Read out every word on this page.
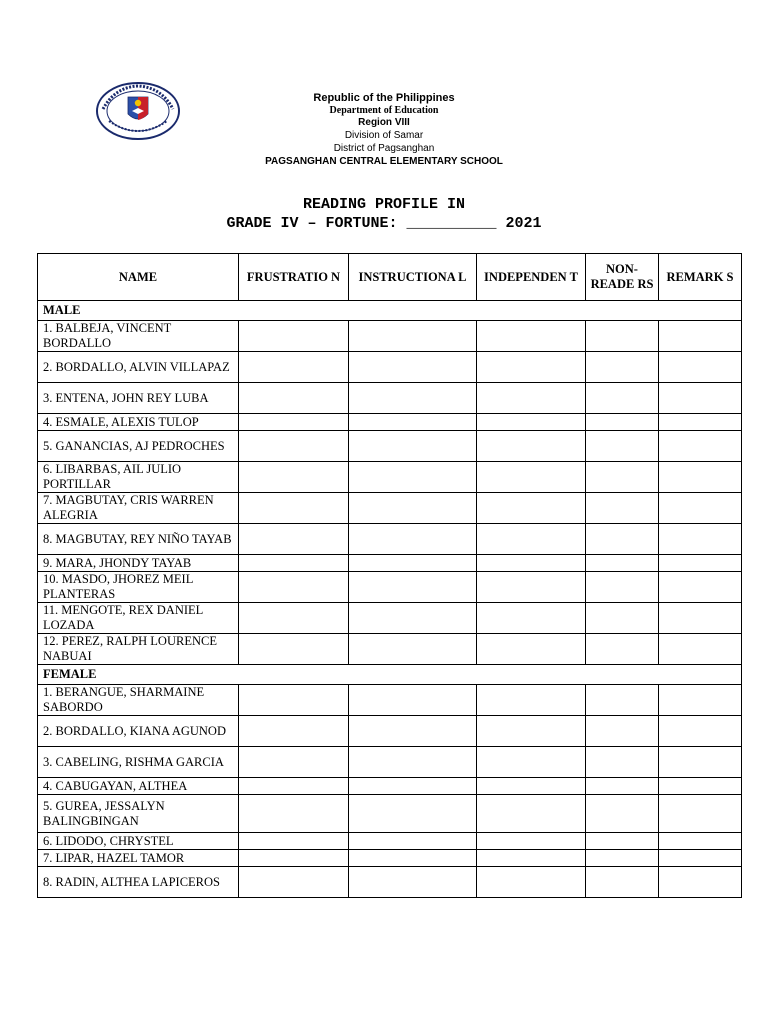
Republic of the Philippines
Department of Education
Region VIII
Division of Samar
District of Pagsanghan
PAGSANGHAN CENTRAL ELEMENTARY SCHOOL
READING PROFILE IN
GRADE IV – FORTUNE: __________ 2021
NAME	FRUSTRATIO N	INSTRUCTIONA L	INDEPENDEN T	NON-READE RS	REMARK S
MALE					
1. BALBEJA, VINCENT BORDALLO					
2. BORDALLO, ALVIN VILLAPAZ					
3. ENTENA, JOHN REY LUBA					
4. ESMALE, ALEXIS TULOP					
5. GANANCIAS, AJ PEDROCHES					
6. LIBARBAS, AIL JULIO PORTILLAR					
7. MAGBUTAY, CRIS WARREN ALEGRIA					
8. MAGBUTAY, REY NIÑO TAYAB					
9. MARA, JHONDY TAYAB					
10. MASDO, JHOREZ MEIL PLANTERAS					
11. MENGOTE, REX DANIEL LOZADA					
12. PEREZ, RALPH LOURENCE NABUAI					
FEMALE					
1. BERANGUE, SHARMAINE SABORDO					
2. BORDALLO, KIANA AGUNOD					
3. CABELING, RISHMA GARCIA					
4. CABUGAYAN, ALTHEA					
5. GUREA, JESSALYN BALINGBINGAN					
6. LIDODO, CHRYSTEL					
7. LIPAR, HAZEL TAMOR					
8. RADIN, ALTHEA LAPICEROS					
